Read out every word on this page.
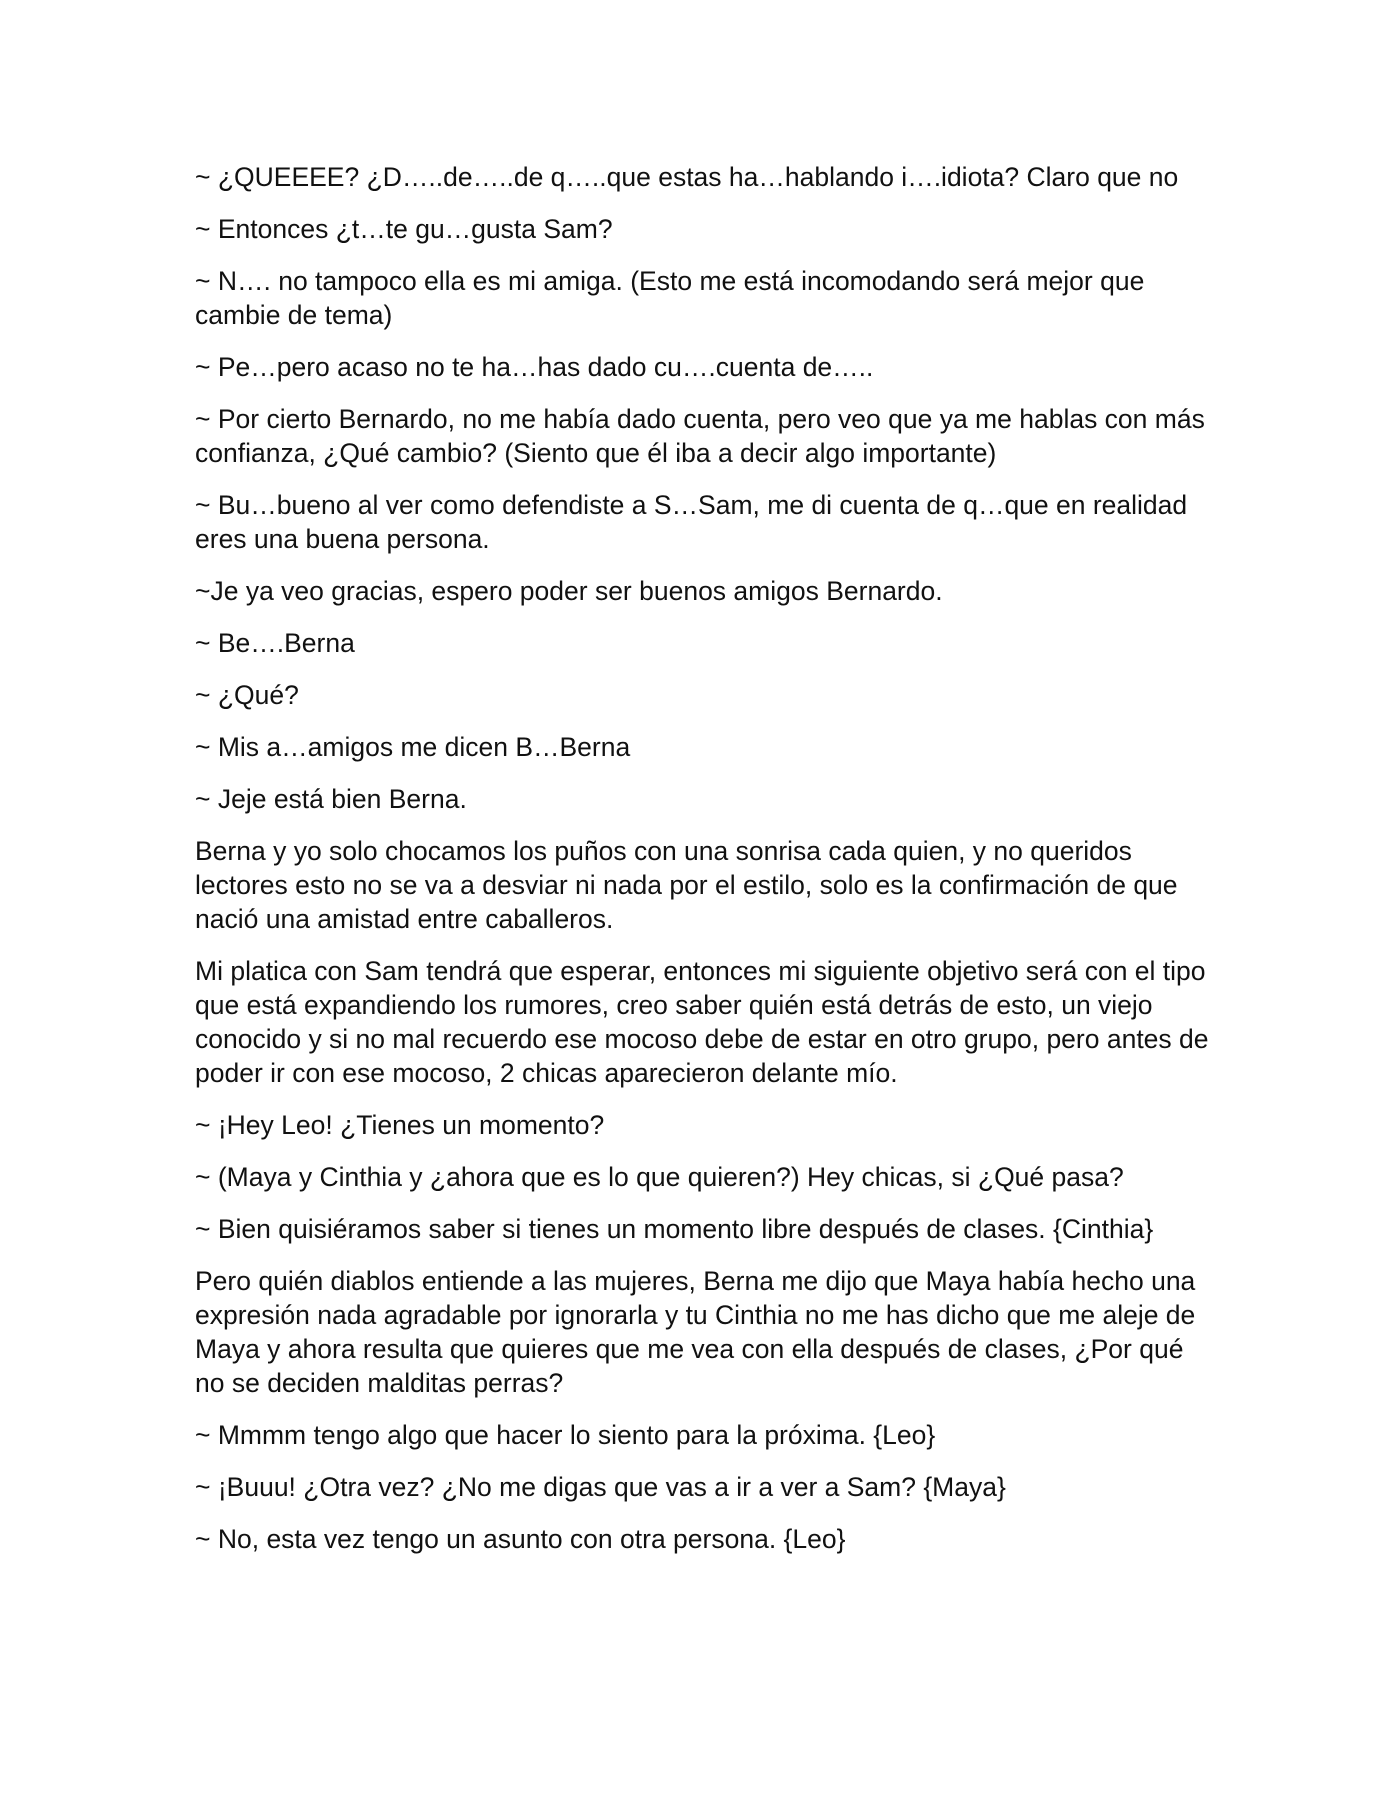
~ ¿QUEEEE? ¿D…..de…..de q…..que estas ha…hablando i….idiota? Claro que no

~ Entonces ¿t…te gu…gusta Sam?

~ N…. no tampoco ella es mi amiga. (Esto me está incomodando será mejor que cambie de tema)

~ Pe…pero acaso no te ha…has dado cu….cuenta de…..

~ Por cierto Bernardo, no me había dado cuenta, pero veo que ya me hablas con más confianza, ¿Qué cambio? (Siento que él iba a decir algo importante)

~ Bu…bueno al ver como defendiste a S…Sam, me di cuenta de q…que en realidad eres una buena persona.

~Je ya veo gracias, espero poder ser buenos amigos Bernardo.

~ Be….Berna

~ ¿Qué?

~ Mis a…amigos me dicen B…Berna

~ Jeje está bien Berna.

Berna y yo solo chocamos los puños con una sonrisa cada quien, y no queridos lectores esto no se va a desviar ni nada por el estilo, solo es la confirmación de que nació una amistad entre caballeros.

Mi platica con Sam tendrá que esperar, entonces mi siguiente objetivo será con el tipo que está expandiendo los rumores, creo saber quién está detrás de esto, un viejo conocido y si no mal recuerdo ese mocoso debe de estar en otro grupo, pero antes de poder ir con ese mocoso, 2 chicas aparecieron delante mío.

~ ¡Hey Leo! ¿Tienes un momento?

~ (Maya y Cinthia y ¿ahora que es lo que quieren?) Hey chicas, si ¿Qué pasa?

~ Bien quisiéramos saber si tienes un momento libre después de clases. {Cinthia}

Pero quién diablos entiende a las mujeres, Berna me dijo que Maya había hecho una expresión nada agradable por ignorarla y tu Cinthia no me has dicho que me aleje de Maya y ahora resulta que quieres que me vea con ella después de clases, ¿Por qué no se deciden malditas perras?

~ Mmmm tengo algo que hacer lo siento para la próxima. {Leo}

~ ¡Buuu! ¿Otra vez? ¿No me digas que vas a ir a ver a Sam? {Maya}

~ No, esta vez tengo un asunto con otra persona. {Leo}
